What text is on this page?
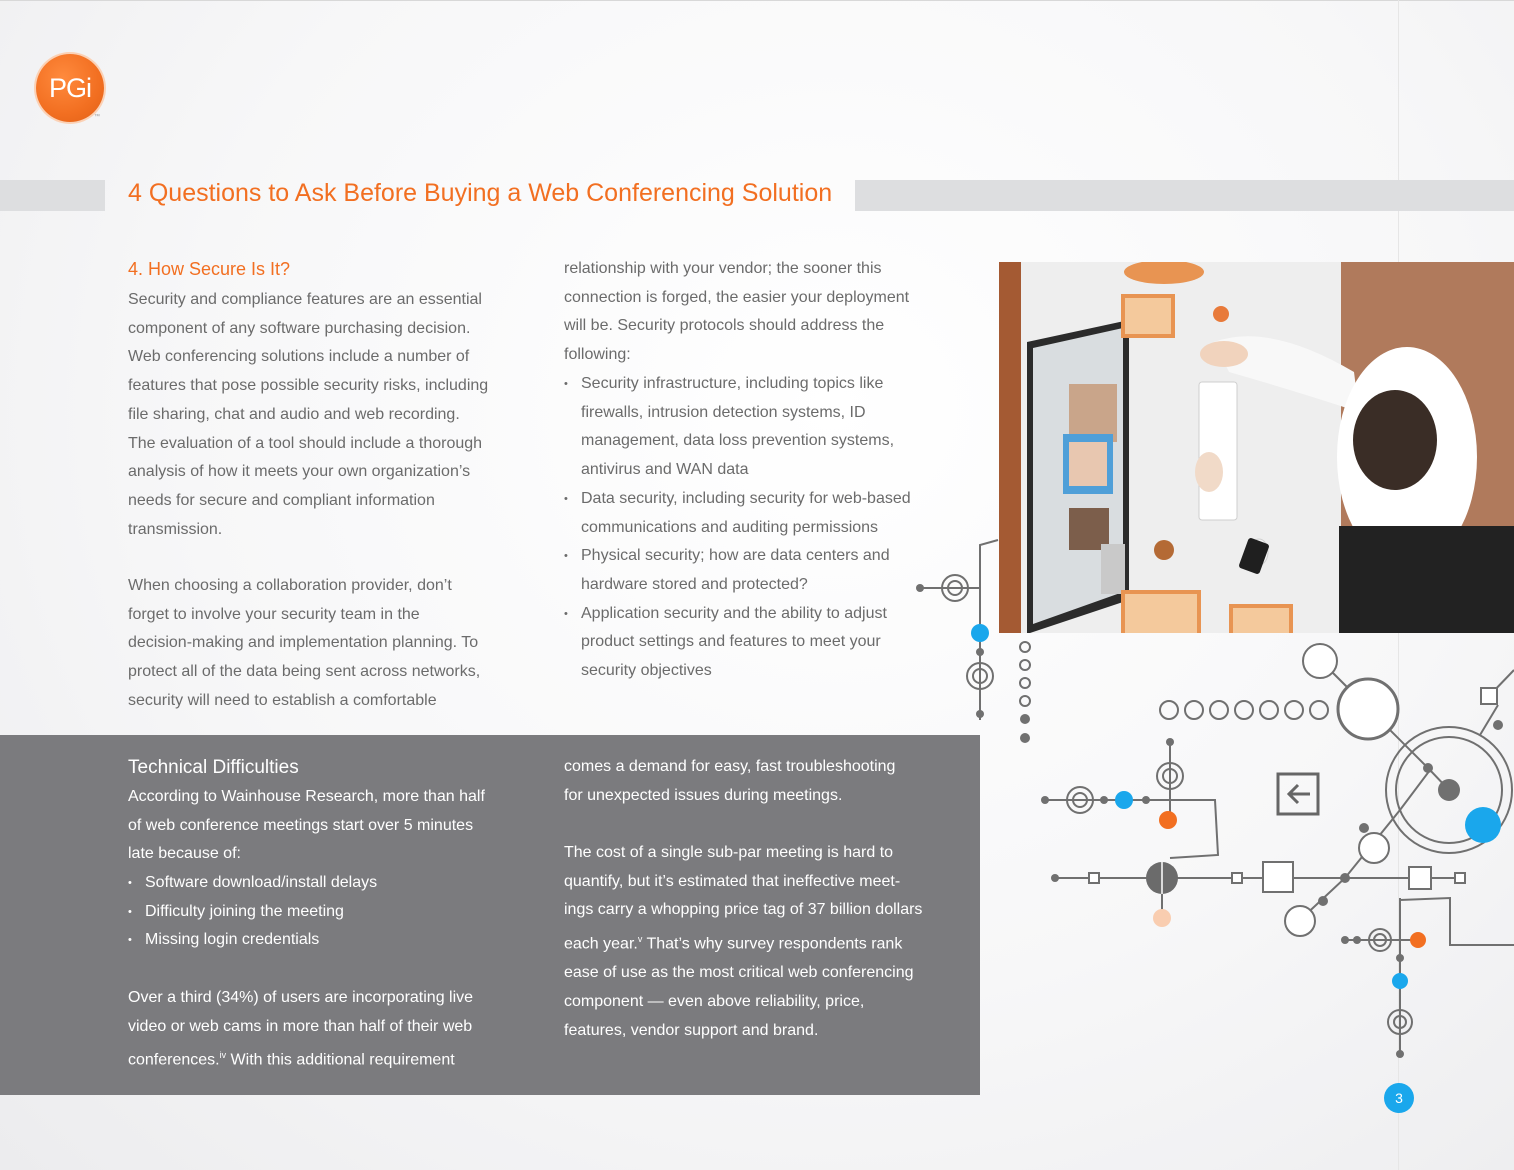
PGi
™
4 Questions to Ask Before Buying a Web Conferencing Solution
4. How Secure Is It?
Security and compliance features are an essential
component of any software purchasing decision.
Web conferencing solutions include a number of
features that pose possible security risks, including
file sharing, chat and audio and web recording.
The evaluation of a tool should include a thorough
analysis of how it meets your own organization’s
needs for secure and compliant information
transmission.
When choosing a collaboration provider, don’t
forget to involve your security team in the
decision-making and implementation planning. To
protect all of the data being sent across networks,
security will need to establish a comfortable
relationship with your vendor; the sooner this
connection is forged, the easier your deployment
will be. Security protocols should address the
following:
• Security infrastructure, including topics like
firewalls, intrusion detection systems, ID
management, data loss prevention systems,
antivirus and WAN data
• Data security, including security for web-based
communications and auditing permissions
• Physical security; how are data centers and
hardware stored and protected?
• Application security and the ability to adjust
product settings and features to meet your
security objectives
Technical Difficulties
According to Wainhouse Research, more than half
of web conference meetings start over 5 minutes
late because of:
• Software download/install delays
• Difficulty joining the meeting
• Missing login credentials
Over a third (34%) of users are incorporating live
video or web cams in more than half of their web
conferences.$^{iv}$ With this additional requirement
comes a demand for easy, fast troubleshooting
for unexpected issues during meetings.
The cost of a single sub-par meeting is hard to
quantify, but it’s estimated that ineffective meet-
ings carry a whopping price tag of 37 billion dollars
each year.$^v$ That’s why survey respondents rank
ease of use as the most critical web conferencing
component — even above reliability, price,
features, vendor support and brand.
3
